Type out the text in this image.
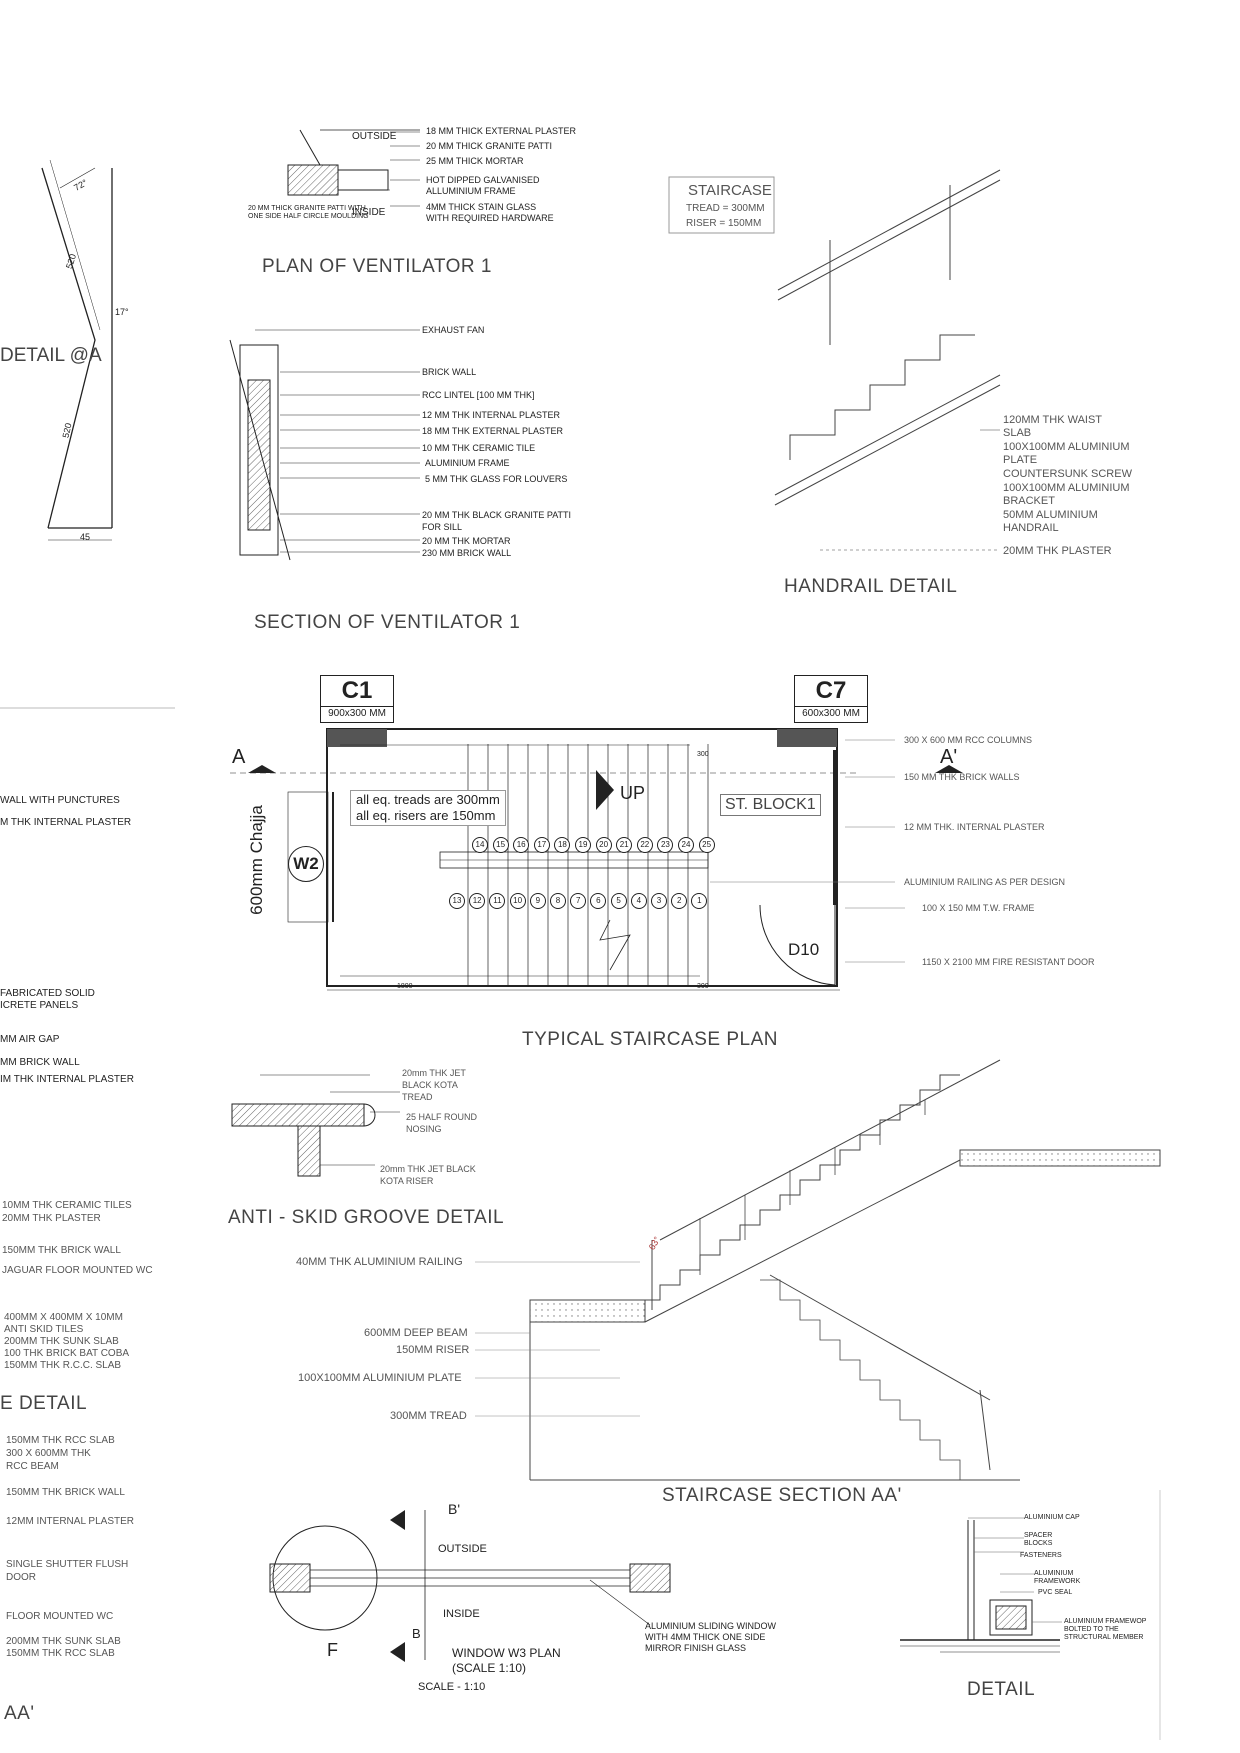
DETAIL @A
72°
17°
520
520
45
OUTSIDE
INSIDE
20 MM THICK GRANITE PATTI WITH
ONE SIDE HALF CIRCLE MOULDING
18 MM THICK EXTERNAL PLASTER
20 MM THICK GRANITE PATTI
25 MM THICK MORTAR
HOT DIPPED GALVANISED
ALLUMINIUM FRAME
4MM THICK STAIN GLASS
WITH REQUIRED HARDWARE
PLAN OF VENTILATOR 1
STAIRCASE
TREAD = 300MM
RISER = 150MM
EXHAUST FAN
BRICK WALL
RCC LINTEL [100 MM THK]
12 MM THK INTERNAL PLASTER
18 MM THK EXTERNAL PLASTER
10 MM THK CERAMIC TILE
ALUMINIUM FRAME
5 MM THK GLASS FOR LOUVERS
20 MM THK BLACK GRANITE PATTI
FOR SILL
20 MM THK MORTAR
230 MM BRICK WALL
SECTION OF VENTILATOR 1
120MM THK WAIST
SLAB
100X100MM ALUMINIUM
PLATE
COUNTERSUNK SCREW
100X100MM ALUMINIUM
BRACKET
50MM ALUMINIUM
HANDRAIL
20MM THK PLASTER
HANDRAIL DETAIL
WALL WITH PUNCTURES
M THK INTERNAL PLASTER
FABRICATED SOLID
ICRETE PANELS
MM AIR GAP
MM BRICK WALL
IM THK INTERNAL PLASTER
10MM THK CERAMIC TILES
20MM THK PLASTER
150MM THK BRICK WALL
JAGUAR FLOOR MOUNTED WC
400MM X 400MM X 10MM
ANTI SKID TILES
200MM THK SUNK SLAB
100 THK BRICK BAT COBA
150MM THK R.C.C. SLAB
E DETAIL
150MM THK RCC SLAB
300 X 600MM THK
RCC BEAM
150MM THK BRICK WALL
12MM INTERNAL PLASTER
SINGLE SHUTTER FLUSH
DOOR
FLOOR MOUNTED WC
200MM THK SUNK SLAB
150MM THK RCC SLAB
AA'
C1
900x300 MM
C7
600x300 MM
A	A'
all eq. treads are 300mm
all eq. risers are 150mm
UP
ST. BLOCK1
W2
600mm Chajja
D10
1800
300
300
14	15	16	17	18	19	20	21	22	23	24	25
13	12	11	10	9	8	7	6	5	4	3	2	1
300 X 600 MM RCC COLUMNS
150 MM THK BRICK WALLS
12 MM THK. INTERNAL PLASTER
ALUMINIUM RAILING AS PER DESIGN
100 X 150 MM T.W. FRAME
1150 X 2100 MM FIRE RESISTANT DOOR
TYPICAL STAIRCASE PLAN
20mm THK JET
BLACK KOTA
TREAD
25 HALF ROUND
NOSING
20mm THK JET BLACK
KOTA RISER
ANTI - SKID GROOVE DETAIL
40MM THK ALUMINIUM RAILING
600MM DEEP BEAM
150MM RISER
100X100MM ALUMINIUM PLATE
300MM TREAD
63°
STAIRCASE SECTION AA'
B'
B
F
OUTSIDE
INSIDE
ALUMINIUM SLIDING WINDOW
WITH 4MM THICK ONE SIDE
MIRROR FINISH GLASS
WINDOW W3 PLAN
(SCALE 1:10)
SCALE - 1:10
ALUMINIUM CAP
SPACER
BLOCKS
FASTENERS
ALUMINIUM
FRAMEWORK
PVC SEAL
ALUMINIUM FRAMEWOP
BOLTED TO THE
STRUCTURAL MEMBER
DETAIL
